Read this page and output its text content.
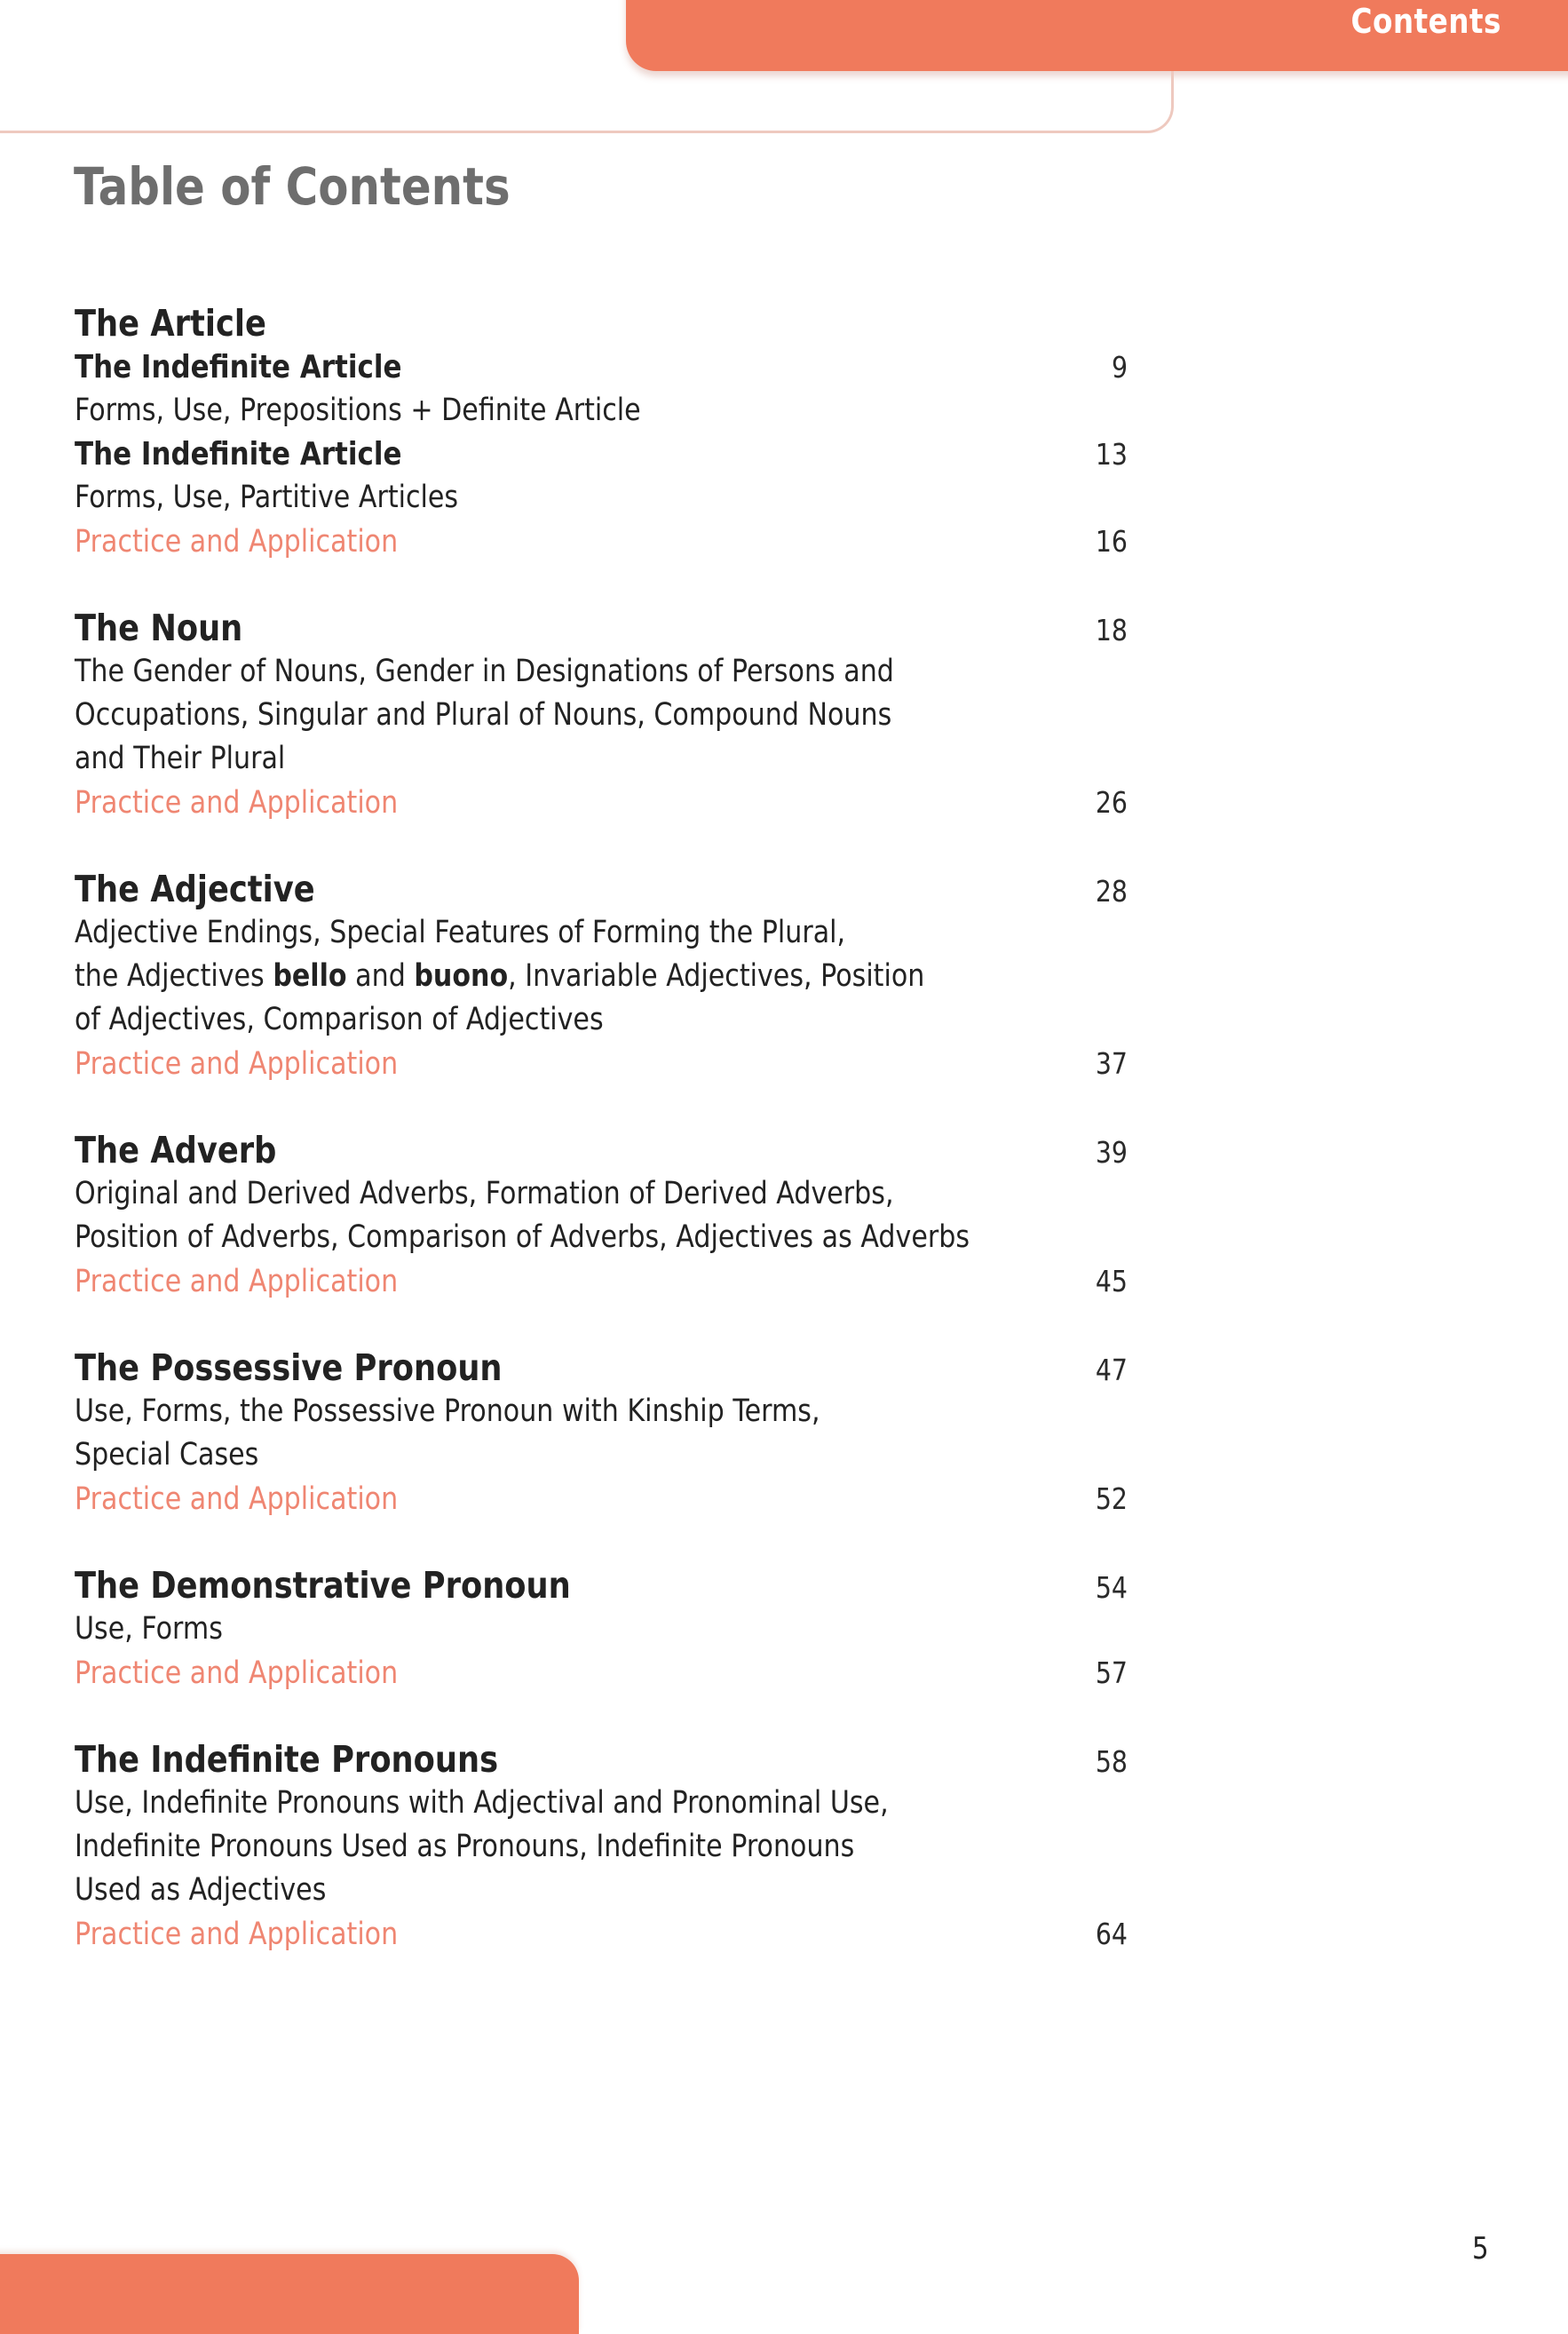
Contents
Table of Contents
The Article
The Indefinite Article	9
Forms, Use, Prepositions + Definite Article
The Indefinite Article	13
Forms, Use, Partitive Articles
Practice and Application	16
The Noun	18
The Gender of Nouns, Gender in Designations of Persons and
Occupations, Singular and Plural of Nouns, Compound Nouns
and Their Plural
Practice and Application	26
The Adjective	28
Adjective Endings, Special Features of Forming the Plural,
the Adjectives bello and buono, Invariable Adjectives, Position
of Adjectives, Comparison of Adjectives
Practice and Application	37
The Adverb	39
Original and Derived Adverbs, Formation of Derived Adverbs,
Position of Adverbs, Comparison of Adverbs, Adjectives as Adverbs
Practice and Application	45
The Possessive Pronoun	47
Use, Forms, the Possessive Pronoun with Kinship Terms,
Special Cases
Practice and Application	52
The Demonstrative Pronoun	54
Use, Forms
Practice and Application	57
The Indefinite Pronouns	58
Use, Indefinite Pronouns with Adjectival and Pronominal Use,
Indefinite Pronouns Used as Pronouns, Indefinite Pronouns
Used as Adjectives
Practice and Application	64
5
